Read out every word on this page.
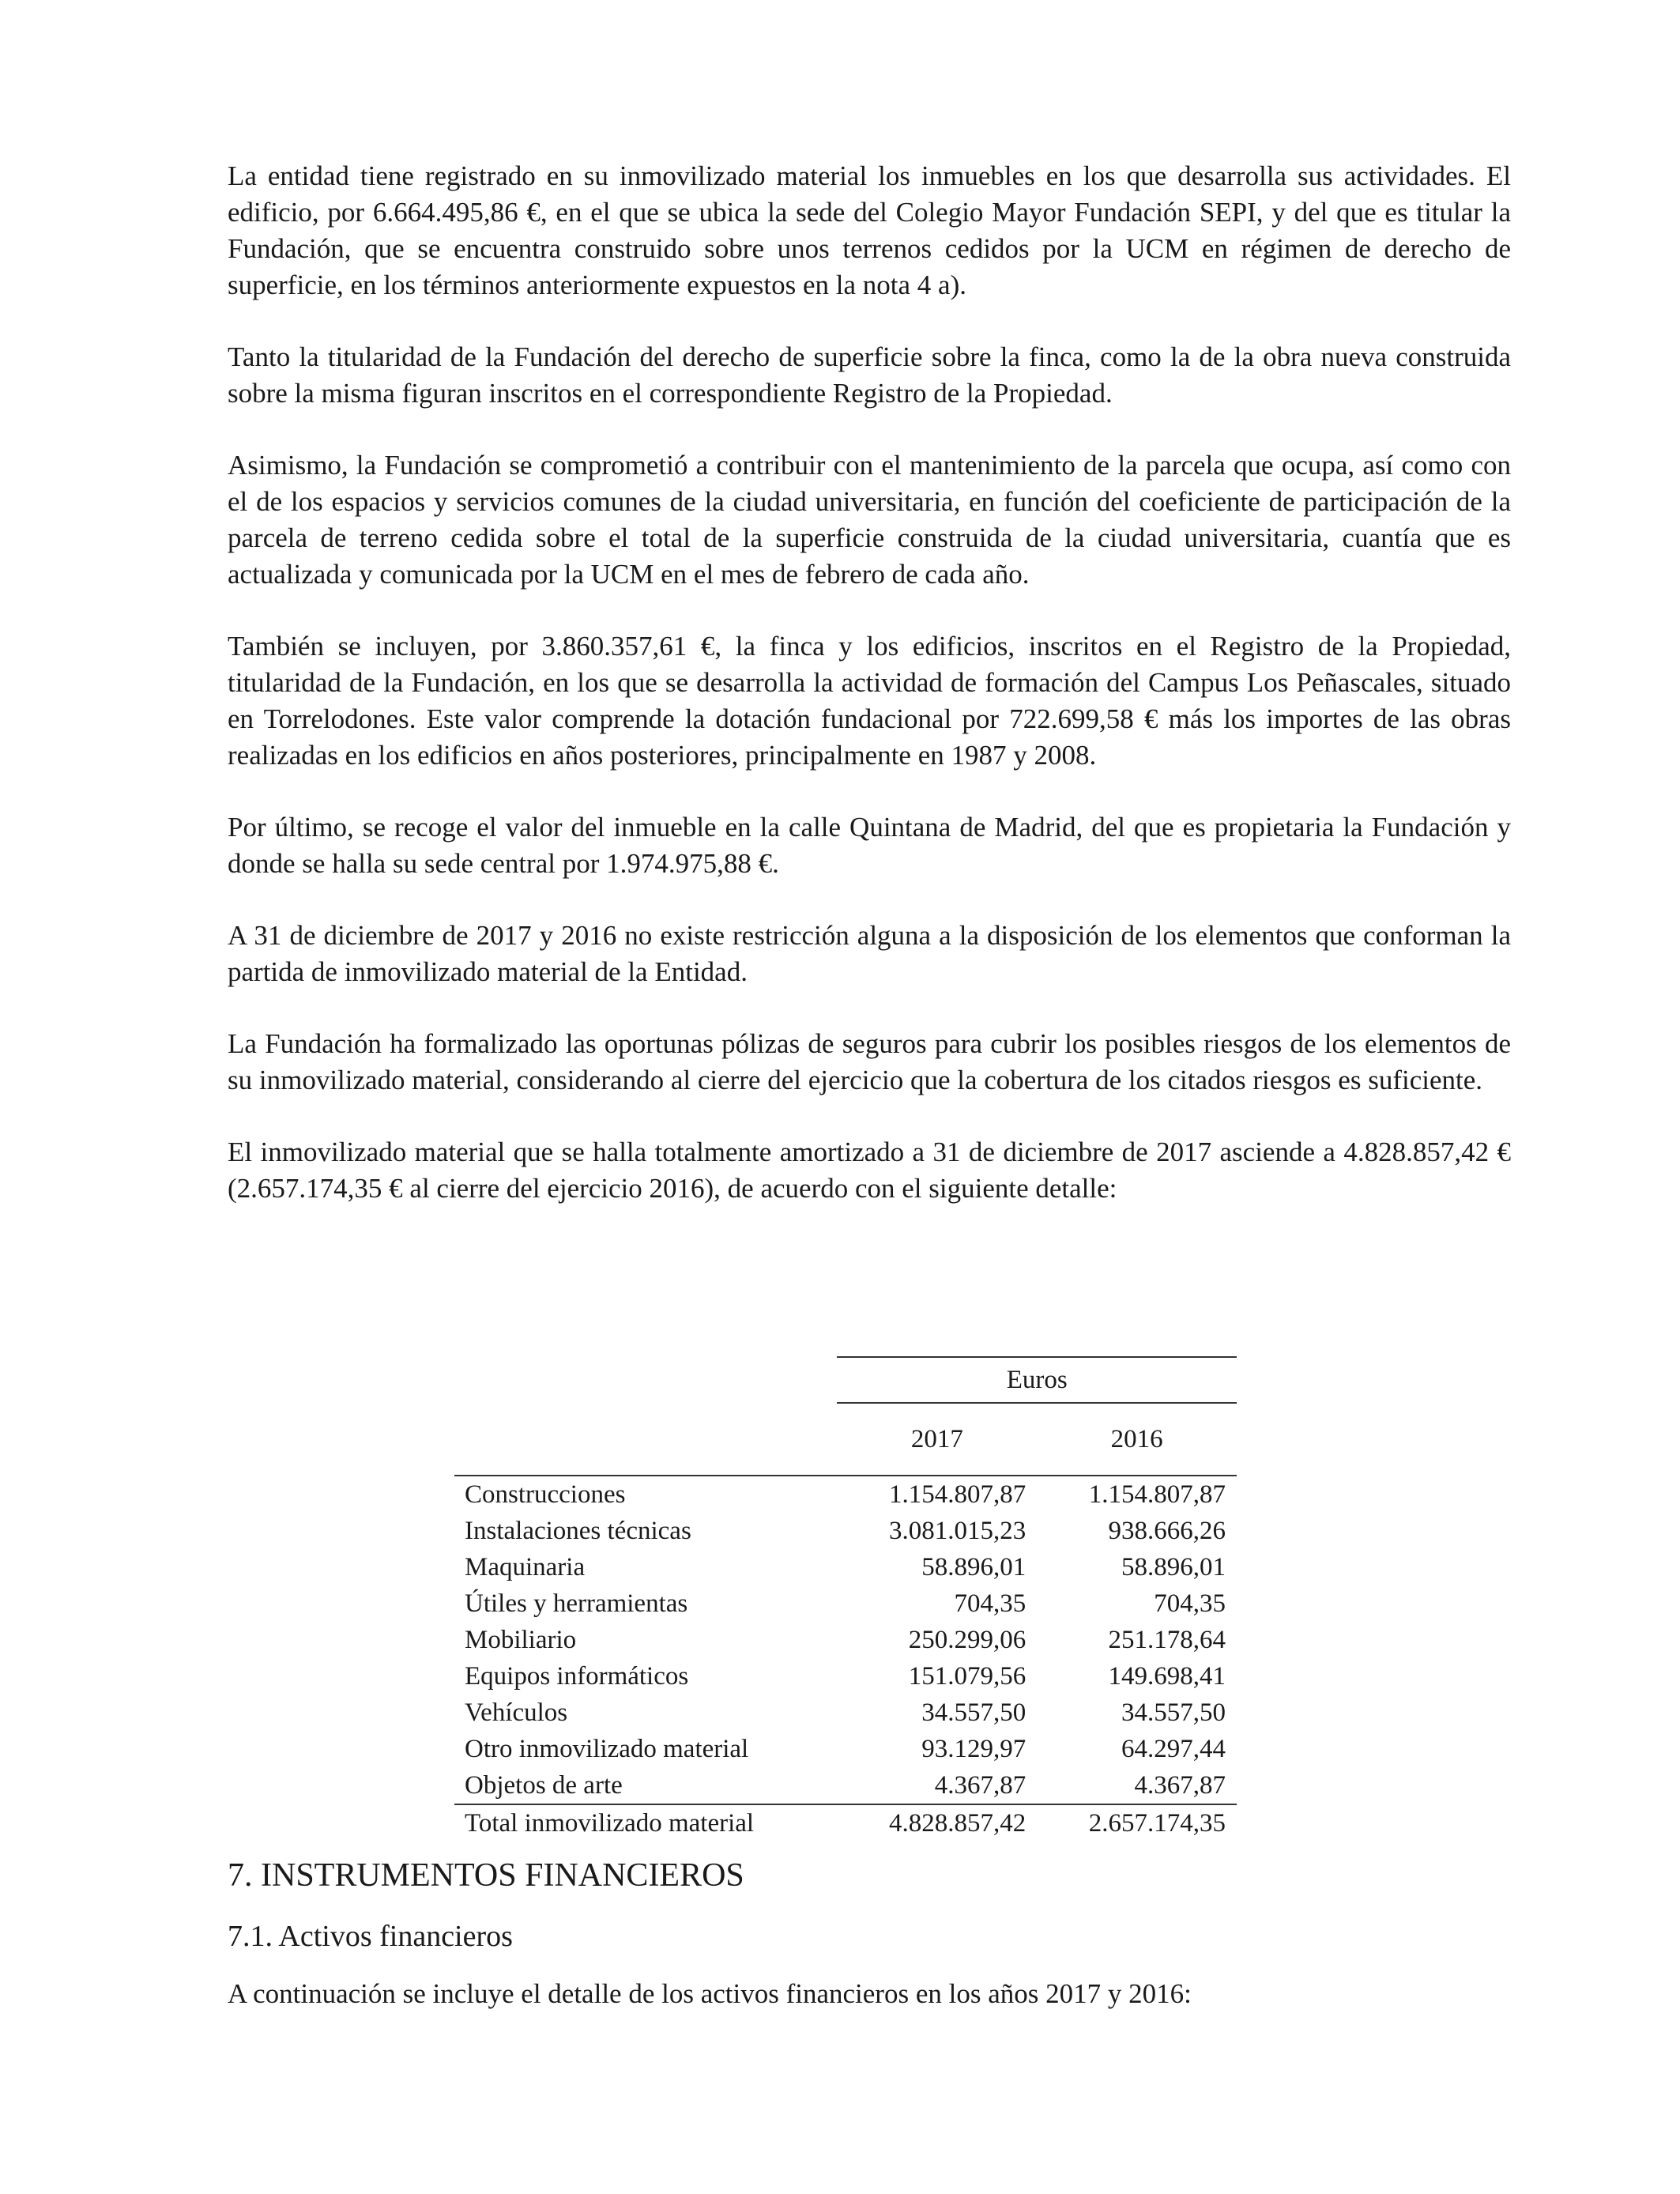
La entidad tiene registrado en su inmovilizado material los inmuebles en los que desarrolla sus actividades. El edificio, por 6.664.495,86 €, en el que se ubica la sede del Colegio Mayor Fundación SEPI, y del que es titular la Fundación, que se encuentra construido sobre unos terrenos cedidos por la UCM en régimen de derecho de superficie, en los términos anteriormente expuestos en la nota 4 a).

Tanto la titularidad de la Fundación del derecho de superficie sobre la finca, como la de la obra nueva construida sobre la misma figuran inscritos en el correspondiente Registro de la Propiedad.

Asimismo, la Fundación se comprometió a contribuir con el mantenimiento de la parcela que ocupa, así como con el de los espacios y servicios comunes de la ciudad universitaria, en función del coeficiente de participación de la parcela de terreno cedida sobre el total de la superficie construida de la ciudad universitaria, cuantía que es actualizada y comunicada por la UCM en el mes de febrero de cada año.

También se incluyen, por 3.860.357,61 €, la finca y los edificios, inscritos en el Registro de la Propiedad, titularidad de la Fundación, en los que se desarrolla la actividad de formación del Campus Los Peñascales, situado en Torrelodones. Este valor comprende la dotación fundacional por 722.699,58 € más los importes de las obras realizadas en los edificios en años posteriores, principalmente en 1987 y 2008.

Por último, se recoge el valor del inmueble en la calle Quintana de Madrid, del que es propietaria la Fundación y donde se halla su sede central por 1.974.975,88 €.

A 31 de diciembre de 2017 y 2016 no existe restricción alguna a la disposición de los elementos que conforman la partida de inmovilizado material de la Entidad.

La Fundación ha formalizado las oportunas pólizas de seguros para cubrir los posibles riesgos de los elementos de su inmovilizado material, considerando al cierre del ejercicio que la cobertura de los citados riesgos es suficiente.

El inmovilizado material que se halla totalmente amortizado a 31 de diciembre de 2017 asciende a 4.828.857,42 € (2.657.174,35 € al cierre del ejercicio 2016), de acuerdo con el siguiente detalle:

	Euros	
	2017	2016
Construcciones	1.154.807,87	1.154.807,87
Instalaciones técnicas	3.081.015,23	938.666,26
Maquinaria	58.896,01	58.896,01
Útiles y herramientas	704,35	704,35
Mobiliario	250.299,06	251.178,64
Equipos informáticos	151.079,56	149.698,41
Vehículos	34.557,50	34.557,50
Otro inmovilizado material	93.129,97	64.297,44
Objetos de arte	4.367,87	4.367,87
Total inmovilizado material	4.828.857,42	2.657.174,35
7. INSTRUMENTOS FINANCIEROS
7.1. Activos financieros

A continuación se incluye el detalle de los activos financieros en los años 2017 y 2016:
